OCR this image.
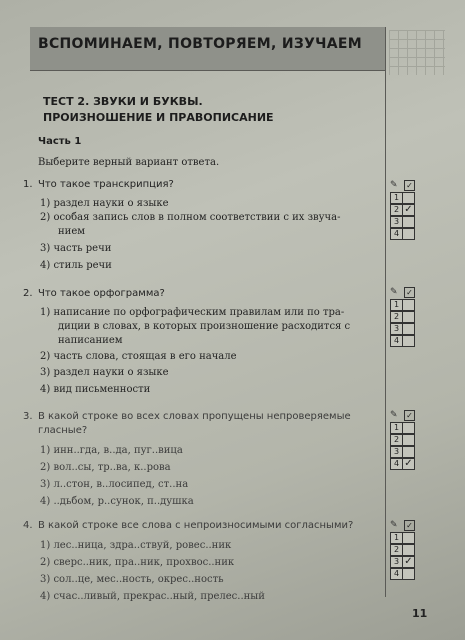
ВСПОМИНАЕМ, ПОВТОРЯЕМ, ИЗУЧАЕМ
ТЕСТ 2. ЗВУКИ И БУКВЫ.
ПРОИЗНОШЕНИЕ И ПРАВОПИСАНИЕ
Часть 1
Выберите верный вариант ответа.
1. Что такое транскрипция?
1) раздел науки о языке
2) особая запись слов в полном соответствии с их звуча-
нием
3) часть речи
4) стиль речи
2. Что такое орфограмма?
1) написание по орфографическим правилам или по тра-
диции в словах, в которых произношение расходится с
написанием
2) часть слова, стоящая в его начале
3) раздел науки о языке
4) вид письменности
3. В какой строке во всех словах пропущены непроверяемые
гласные?
1) инн..гда, в..да, пуг..вица
2) вол..сы, тр..ва, к..рова
3) л..стон, в..лосипед, ст..на
4) ..дьбом, р..сунок, п..душка
4. В какой строке все слова с непроизносимыми согласными?
1) лес..ница, здра..ствуй, ровес..ник
2) сверс..ник, пра..ник, прохвос..ник
3) сол..це, мес..ность, окрес..ность
4) счас..ливый, прекрас..ный, прелес..ный
✎ ✓
1
2 ✓
3
4
✎ ✓
1
2
3
4
✎ ✓
1
2
3
4 ✓
✎ ✓
1
2
3 ✓
4
11
